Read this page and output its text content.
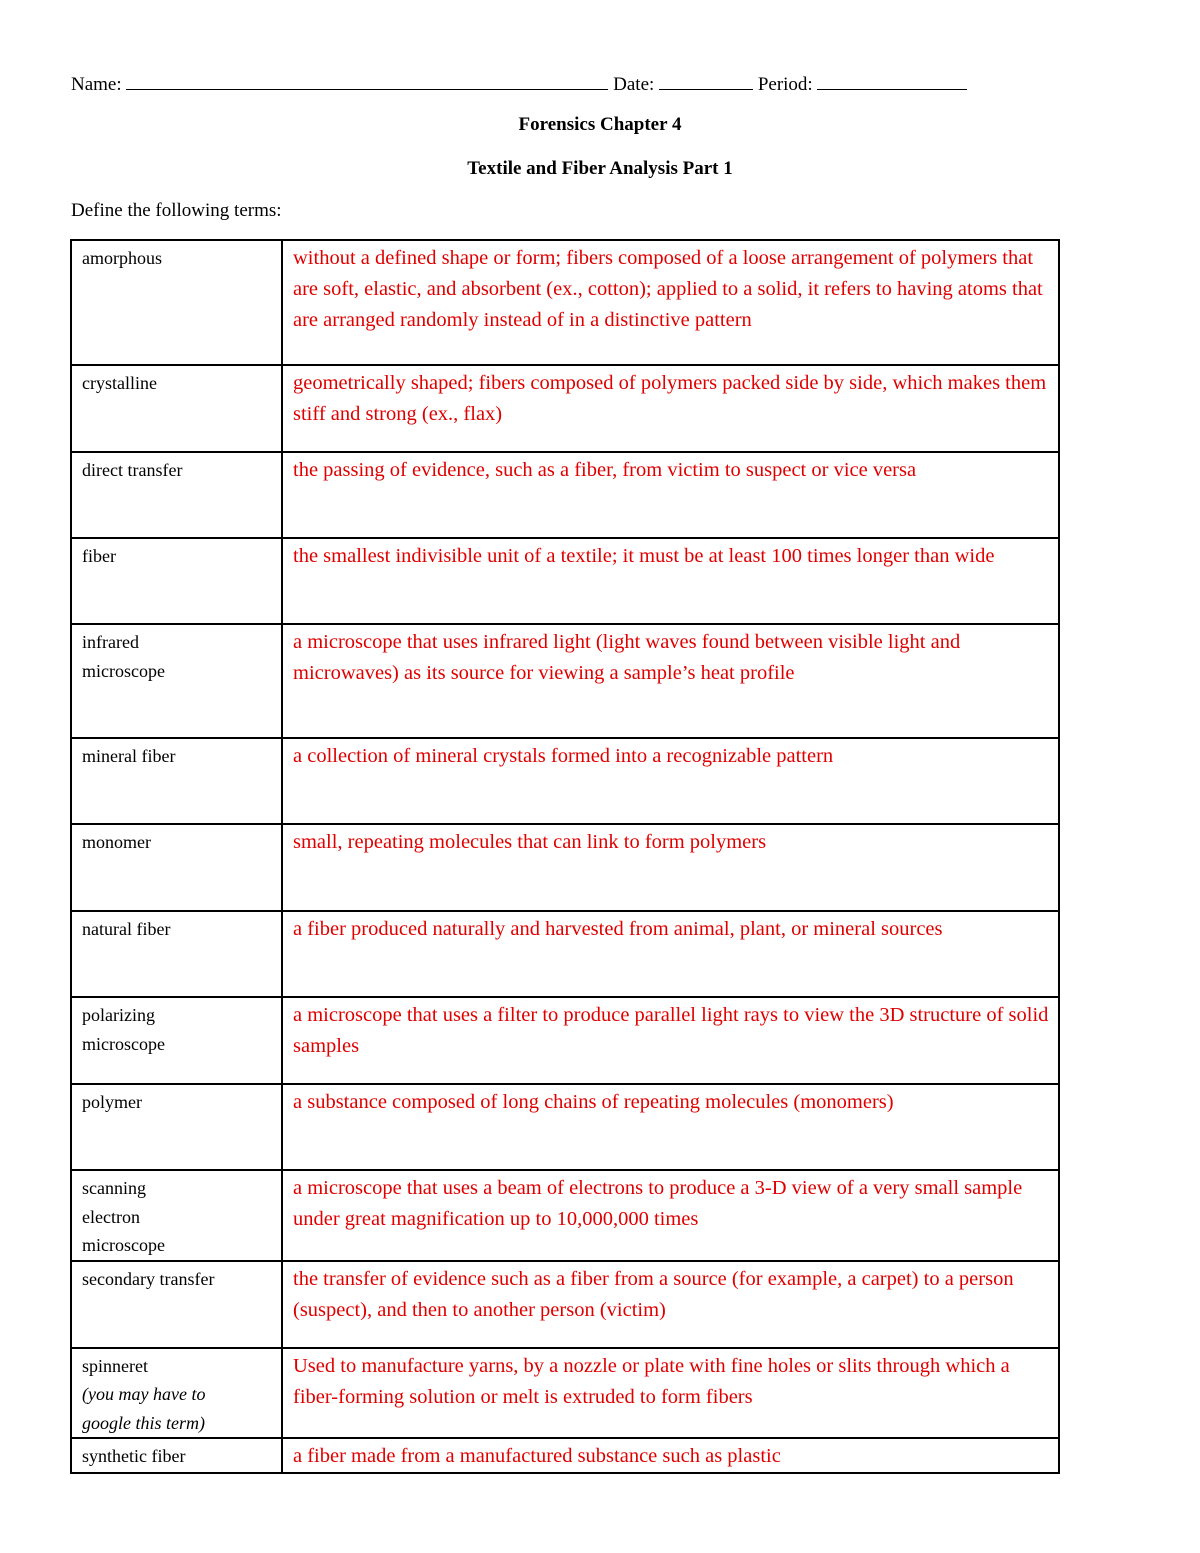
Name:	Date:	Period:
Forensics Chapter 4
Textile and Fiber Analysis Part 1
Define the following terms:
amorphous	without a defined shape or form; fibers composed of a loose arrangement of polymers that are soft, elastic, and absorbent (ex., cotton); applied to a solid, it refers to having atoms that are arranged randomly instead of in a distinctive pattern

crystalline	geometrically shaped; fibers composed of polymers packed side by side, which makes them stiff and strong (ex., flax)

direct transfer	the passing of evidence, such as a fiber, from victim to suspect or vice versa

fiber	the smallest indivisible unit of a textile; it must be at least 100 times longer than wide

infrared microscope	a microscope that uses infrared light (light waves found between visible light and microwaves) as its source for viewing a sample’s heat profile

mineral fiber	a collection of mineral crystals formed into a recognizable pattern

monomer	small, repeating molecules that can link to form polymers

natural fiber	a fiber produced naturally and harvested from animal, plant, or mineral sources

polarizing microscope	a microscope that uses a filter to produce parallel light rays to view the 3D structure of solid samples

polymer	a substance composed of long chains of repeating molecules (monomers)

scanning electron microscope	a microscope that uses a beam of electrons to produce a 3-D view of a very small sample under great magnification up to 10,000,000 times

secondary transfer	the transfer of evidence such as a fiber from a source (for example, a carpet) to a person (suspect), and then to another person (victim)

spinneret
(you may have to google this term)	Used to manufacture yarns, by a nozzle or plate with fine holes or slits through which a fiber-forming solution or melt is extruded to form fibers

synthetic fiber	a fiber made from a manufactured substance such as plastic
